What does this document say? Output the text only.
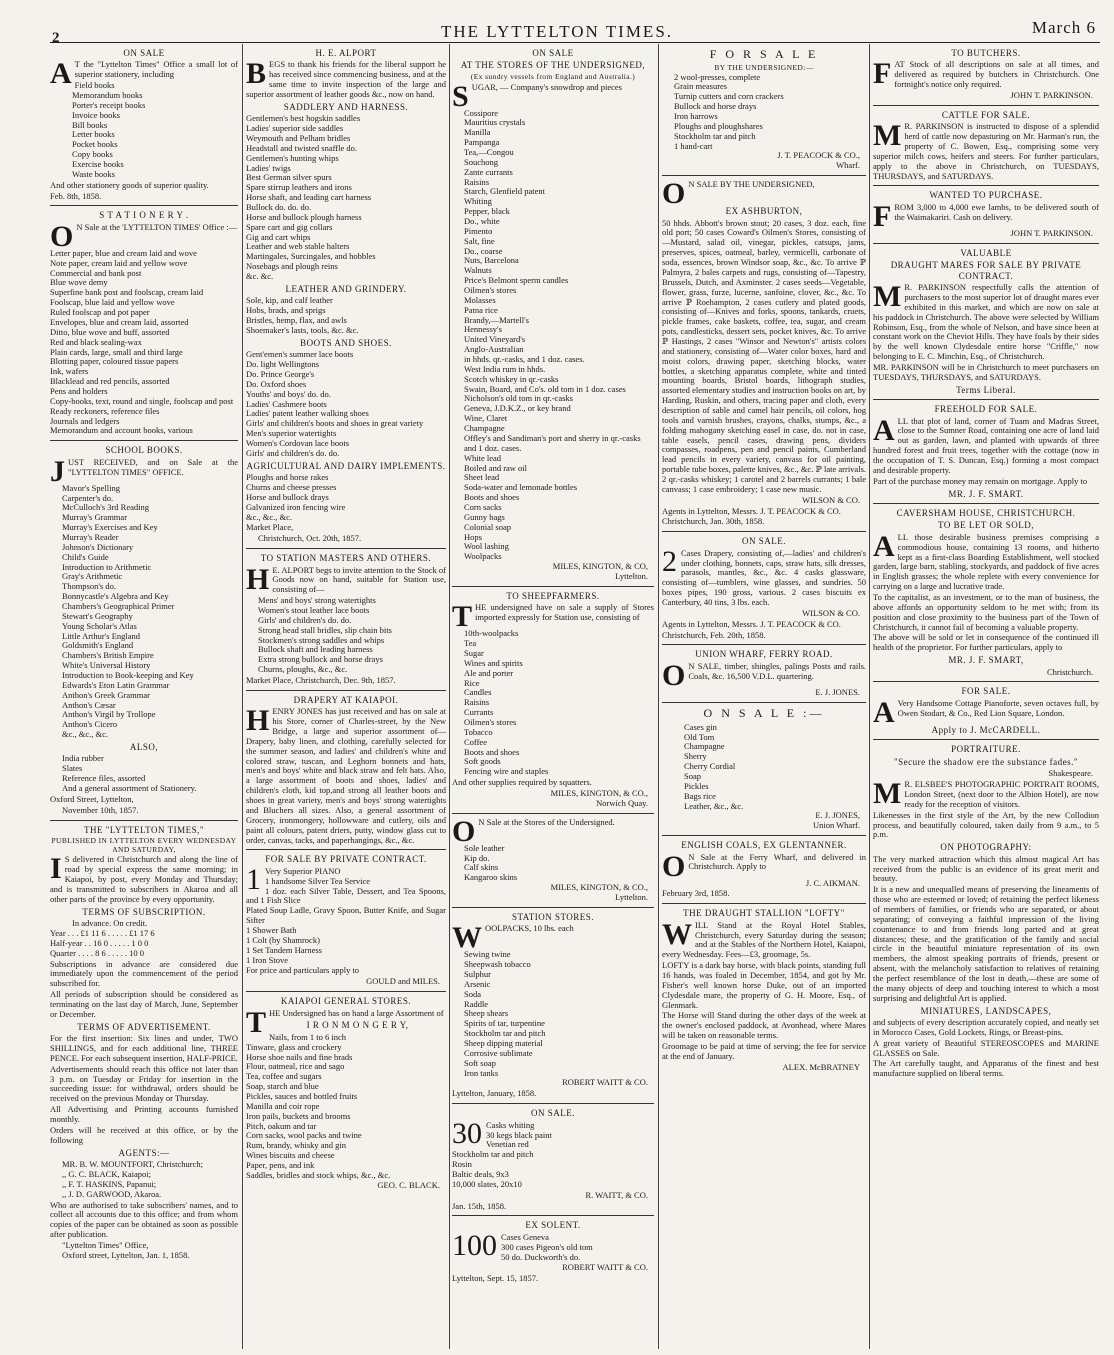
2	THE LYTTELTON TIMES.	March 6
ON SALE
A T the "Lyttelton Times" Office a small lot of superior stationery, including
Field books
Memorandum books
Porter's receipt books
Invoice books
Bill books
Letter books
Pocket books
Copy books
Exercise books
Waste books
And other stationery goods of superior quality.
Feb. 8th, 1858.
S T A T I O N E R Y .
O N Sale at the 'LYTTELTON TIMES' Office :—
Letter paper, blue and cream laid and wove
Note paper, cream laid and yellow wove
Commercial and bank post
Blue wove demy
Superfine bank post and foolscap, cream laid
Foolscap, blue laid and yellow wove
Ruled foolscap and pot paper
Envelopes, blue and cream laid, assorted
Ditto, blue wove and buff, assorted
Red and black sealing-wax
Plain cards, large, small and third large
Blotting paper, coloured tissue papers
Ink, wafers
Blacklead and red pencils, assorted
Pens and holders
Copy-books, text, round and single, foolscap and post
Ready reckoners, reference files
Journals and ledgers
Memorandum and account books, various
SCHOOL BOOKS.
JUST RECEIVED, and on Sale at the "LYTTELTON TIMES" OFFICE.
Mavor's Spelling
Carpenter's do.
McCulloch's 3rd Reading
Murray's Grammar
Murray's Exercises and Key
Murray's Reader
Johnson's Dictionary
Child's Guide
Introduction to Arithmetic
Gray's Arithmetic
Thompson's do.
Bonnycastle's Algebra and Key
Chambers's Geographical Primer
Stewart's Geography
Young Scholar's Atlas
Little Arthur's England
Goldsmith's England
Chambers's British Empire
White's Universal History
Introduction to Book-keeping and Key
Edwards's Eton Latin Grammar
Anthon's Greek Grammar
Anthon's Cæsar
Anthon's Virgil by Trollope
Anthon's Cicero
&c., &c., &c.
ALSO,
India rubber
Slates
Reference files, assorted
And a general assortment of Stationery.
Oxford Street, Lyttelton,
November 10th, 1857.
THE "LYTTELTON TIMES,"
PUBLISHED IN LYTTELTON EVERY WEDNESDAY AND SATURDAY,
I S delivered in Christchurch and along the line of road by special express the same morning; in Kaiapoi, by post, every Monday and Thursday; and is transmitted to subscribers in Akaroa and all other parts of the province by every opportunity.
TERMS OF SUBSCRIPTION.
In advance. On credit.
Year . . . £1 11 6 . . . . . £1 17 6
Half-year . . 16 0 . . . . . 1 0 0
Quarter . . . . 8 6 . . . . . 10 0
Subscriptions in advance are considered due immediately upon the commencement of the period subscribed for.
All periods of subscription should be considered as terminating on the last day of March, June, September or December.
TERMS OF ADVERTISEMENT.
For the first insertion: Six lines and under, TWO SHILLINGS, and for each additional line, THREE PENCE. For each subsequent insertion, HALF-PRICE.
Advertisements should reach this office not later than 3 p.m. on Tuesday or Friday for insertion in the succeeding issue: for withdrawal, orders should be received on the previous Monday or Thursday.
All Advertising and Printing accounts furnished monthly.
Orders will be received at this office, or by the following
AGENTS:—
MR. B. W. MOUNTFORT, Christchurch;
,, G. C. BLACK, Kaiapoi;
,, F. T. HASKINS, Papanui;
,, J. D. GARWOOD, Akaroa.
Who are authorised to take subscribers' names, and to collect all accounts due to this office; and from whom copies of the paper can be obtained as soon as possible after publication.
"Lyttelton Times" Office,
Oxford street, Lyttelton, Jan. 1, 1858.
H. E. ALPORT
BEGS to thank his friends for the liberal support he has received since commencing business, and at the same time to invite inspection of the large and superior assortment of leather goods &c., now on hand.
SADDLERY AND HARNESS.
Gentlemen's best hogskin saddles
Ladies' superior side saddles
Weymouth and Pelham bridles
Headstall and twisted snaffle do.
Gentlemen's hunting whips
Ladies' twigs
Best German silver spurs
Spare stirrup leathers and irons
Horse shaft, and leading cart harness
Bullock do. do. do.
Horse and bullock plough harness
Spare cart and gig collars
Gig and cart whips
Leather and web stable halters
Martingales, Surcingales, and hobbles
Nosebags and plough reins
&c. &c.
LEATHER AND GRINDERY.
Sole, kip, and calf leather
Hobs, brads, and sprigs
Bristles, hemp, flax, and awls
Shoemaker's lasts, tools, &c. &c.
BOOTS AND SHOES.
Gent'emen's summer lace boots
Do. light Wellingtons
Do. Prince George's
Do. Oxford shoes
Youths' and boys' do. do.
Ladies' Cashmere boots
Ladies' patent leather walking shoes
Girls' and children's boots and shoes in great variety
Men's superior watertights
Women's Cordovan lace boots
Girls' and children's do. do.
AGRICULTURAL AND DAIRY IMPLEMENTS.
Ploughs and horse rakes
Churns and cheese presses
Horse and bullock drays
Galvanized iron fencing wire
&c., &c., &c.
Market Place,
Christchurch, Oct. 20th, 1857.
TO STATION MASTERS AND OTHERS.
H E. ALPORT begs to invite attention to the Stock of Goods now on hand, suitable for Station use, consisting of—
Mens' and boys' strong watertights
Women's stout leather lace boots
Girls' and children's do. do.
Strong head stall bridles, slip chain bits
Stockmen's strong saddles and whips
Bullock shaft and leading harness
Extra strong bullock and horse drays
Churns, ploughs, &c., &c.
Market Place, Christchurch, Dec. 9th, 1857.
DRAPERY AT KAIAPOI.
HENRY JONES has just received and has on sale at his Store, corner of Charles-street, by the New Bridge, a large and superior assortment of— Drapery, baby linen, and clothing, carefully selected for the summer season, and ladies' and children's white and colored straw, tuscan, and Leghorn bonnets and hats, men's and boys' white and black straw and felt hats. Also, a large assortment of boots and shoes, ladies' and children's cloth, kid top,and strong all leather boots and shoes in great variety, men's and boys' strong watertights and Bluchers all sizes. Also, a general assortment of Grocery, ironmongery, hollowware and cutlery, oils and paint all colours, patent driers, putty, window glass cut to order, canvas, tacks, and paperhangings, &c., &c.
FOR SALE BY PRIVATE CONTRACT.
1 Very Superior PIANO
1 handsome Silver Tea Service
1 doz. each Silver Table, Dessert, and Tea Spoons, and 1 Fish Slice
Plated Soup Ladle, Gravy Spoon, Butter Knife, and Sugar Sifter
1 Shower Bath
1 Colt (by Shamrock)
1 Set Tandem Harness
1 Iron Stove
For price and particulars apply to
GOULD and MILES.
KAIAPOI GENERAL STORES.
THE Undersigned has on hand a large Assortment of
I R O N M O N G E R Y,
Nails, from 1 to 6 inch
Tinware, glass and crockery
Horse shoe nails and fine brads
Flour, oatmeal, rice and sago
Tea, coffee and sugars
Soap, starch and blue
Pickles, sauces and bottled fruits
Manilla and coir rope
Iron pails, buckets and brooms
Pitch, oakum and tar
Corn sacks, wool packs and twine
Rum, brandy, whisky and gin
Wines biscuits and cheese
Paper, pens, and ink
Saddles, bridles and stock whips, &c., &c.
GEO. C. BLACK.
ON SALE
AT THE STORES OF THE UNDERSIGNED,
(Ex sundry vessels from England and Australia.)
SUGAR, — Company's snowdrop and pieces
Cossipore
Mauritius crystals
Manilla
Pampanga
Tea,—Congou
Souchong
Zante currants
Raisins
Starch, Glenfield patent
Whiting
Pepper, black
Do., white
Pimento
Salt, fine
Do., coarse
Nuts, Barcelona
Walnuts
Price's Belmont sperm candles
Oilmen's stores
Molasses
Patna rice
Brandy,—Martell's
Hennessy's
United Vineyard's
Anglo-Australian
in hhds. qr.-casks, and 1 doz. cases.
West India rum in hhds.
Scotch whiskey in qr.-casks
Swain, Board, and Co's. old tom in 1 doz. cases
Nicholson's old tom in qr.-casks
Geneva, J.D.K.Z., or key brand
Wine, Claret
Champagne
Offley's and Sandiman's port and sherry in qr.-casks and 1 doz. cases.
White lead
Boiled and raw oil
Sheet lead
Soda-water and lemonade bottles
Boots and shoes
Corn sacks
Gunny bags
Colonial soap
Hops
Wool lashing
Woolpacks
MILES, KINGTON, & CO,
Lyttelton.
TO SHEEPFARMERS.
THE undersigned have on sale a supply of Stores imported expressly for Station use, consisting of
10th-woolpacks
Tea
Sugar
Wines and spirits
Ale and porter
Rice
Candles
Raisins
Currants
Oilmen's stores
Tobacco
Coffee
Boots and shoes
Soft goods
Fencing wire and staples
And other supplies required by squatters.
MILES, KINGTON, & CO.,
Norwich Quay.
O N Sale at the Stores of the Undersigned.
Sole leather
Kip do.
Calf skins
Kangaroo skins
MILES, KINGTON, & CO.,
Lyttelton.
STATION STORES.
WOOLPACKS, 10 lbs. each
Sewing twine
Sheepwash tobacco
Sulphur
Arsenic
Soda
Raddle
Sheep shears
Spirits of tar, turpentine
Stockholm tar and pitch
Sheep dipping material
Corrosive sublimate
Soft soap
Iron tanks
ROBERT WAITT & CO.
Lyttelton, January, 1858.
ON SALE.
30 Casks whiting
30 kegs black paint
Venetian red
Stockholm tar and pitch
Rosin
Baltic deals, 9x3
10,000 slates, 20x10
R. WAITT, & CO.
Jan. 15th, 1858.
EX SOLENT.
100 Cases Geneva
300 cases Pigeon's old tom
50 do. Duckworth's do.
ROBERT WAITT & CO.
Lyttelton, Sept. 15, 1857.
F O R S A L E
BY THE UNDERSIGNED:—
2 wool-presses, complete
Grain measures
Turnip cutters and corn crackers
Bullock and horse drays
Iron harrows
Ploughs and ploughshares
Stockholm tar and pitch
1 hand-cart
J. T. PEACOCK & CO.,
Wharf.
O N SALE BY THE UNDERSIGNED,
EX ASHBURTON,
50 hhds. Abbott's brown stout; 20 cases, 3 doz. each, fine old port; 50 cases Coward's Oilmen's Stores, consisting of—Mustard, salad oil, vinegar, pickles, catsups, jams, preserves, spices, oatmeal, barley, vermicelli, carbonate of soda, essences, brown Windsor soap, &c., &c. To arrive ℙ Palmyra, 2 bales carpets and rugs, consisting of—Tapestry, Brussels, Dutch, and Axminster. 2 cases seeds—Vegetable, flower, grass, furze, lucerne, sanfoine, clover, &c., &c. To arrive ℙ Roehampton, 2 cases cutlery and plated goods, consisting of—Knives and forks, spoons, tankards, cruets, pickle frames, cake baskets, coffee, tea, sugar, and cream pots, candlesticks, dessert sets, pocket knives, &c. To arrive ℙ Hastings, 2 cases "Winsor and Newton's" artists colors and stationery, consisting of—Water color boxes, hard and moist colors, drawing paper, sketching blocks, water bottles, a sketching apparatus complete, white and tinted mounting boards, Bristol boards, lithograph studies, assorted elementary studies and instruction books on art, by Harding, Ruskin, and others, tracing paper and cloth, every description of sable and camel hair pencils, oil colors, hog tools and varnish brushes, crayons, chalks, stumps, &c., a folding mahogany sketching easel in case, do. not in case, table easels, pencil cases, drawing pens, dividers compasses, roadpens, pen and pencil paints, Cumberland lead pencils in every variety, canvass for oil painting, portable tube boxes, palette knives, &c., &c. ℙ late arrivals. 2 qr.-casks whiskey; 1 carotel and 2 barrels currants; 1 bale canvass; 1 case embroidery; 1 case new music.
WILSON & CO.
Agents in Lyttelton, Messrs. J. T. PEACOCK & CO.
Christchurch, Jan. 30th, 1858.
ON SALE.
2 Cases Drapery, consisting of,—ladies' and children's under clothing, bonnets, caps, straw hats, silk dresses, parasols, mantles, &c., &c. 4 casks glassware, consisting of—tumblers, wine glasses, and sundries. 50 boxes pipes, 190 gross, various. 2 cases biscuits ex Canterbury, 40 tins, 3 lbs. each.
WILSON & CO.
Agents in Lyttelton, Messrs. J. T. PEACOCK & CO.
Christchurch, Feb. 20th, 1858.
UNION WHARF, FERRY ROAD.
O N SALE, timber, shingles, palings Posts and rails. Coals, &c. 16,500 V.D.L. quartering.
E. J. JONES.
O N S A L E :—
Cases gin
Old Tom
Champagne
Sherry
Cherry Cordial
Soap
Pickles
Bags rice
Leather, &c., &c.
E. J. JONES,
Union Wharf.
ENGLISH COALS, EX GLENTANNER.
O N Sale at the Ferry Wharf, and delivered in Christchurch. Apply to
J. C. AIKMAN.
February 3rd, 1858.
THE DRAUGHT STALLION "LOFTY"
WILL Stand at the Royal Hotel Stables, Christchurch, every Saturday during the season; and at the Stables of the Northern Hotel, Kaiapoi, every Wednesday. Fees—£3, groomage, 5s.
LOFTY is a dark bay horse, with black points, standing full 16 hands, was foaled in December, 1854, and got by Mr. Fisher's well known horse Duke, out of an imported Clydesdale mare, the property of G. H. Moore, Esq., of Glenmark.
The Horse will Stand during the other days of the week at the owner's enclosed paddock, at Avonhead, where Mares will be taken on reasonable terms.
Groomage to be paid at time of serving; the fee for service at the end of January.
ALEX. McBRATNEY
TO BUTCHERS.
FAT Stock of all descriptions on sale at all times, and delivered as required by butchers in Christchurch. One fortnight's notice only required.
JOHN T. PARKINSON.
CATTLE FOR SALE.
M R. PARKINSON is instructed to dispose of a splendid herd of cattle now depasturing on Mr. Harman's run, the property of C. Bowen, Esq., comprising some very superior milch cows, heifers and steers. For further particulars, apply to the above in Christchurch, on TUESDAYS, THURSDAYS, and SATURDAYS.
WANTED TO PURCHASE.
FROM 3,000 to 4,000 ewe lambs, to be delivered south of the Waimakariri. Cash on delivery.
JOHN T. PARKINSON.
VALUABLE
DRAUGHT MARES FOR SALE BY PRIVATE CONTRACT.
M R. PARKINSON respectfully calls the attention of purchasers to the most superior lot of draught mares ever exhibited in this market, and which are now on sale at his paddock in Christchurch. The above were selected by William Robinson, Esq., from the whole of Nelson, and have since been at constant work on the Cheviot Hills. They have foals by their sides by the well known Clydesdale entire horse "Criffle," now belonging to E. C. Minchin, Esq., of Christchurch.
MR. PARKINSON will be in Christchurch to meet purchasers on TUESDAYS, THURSDAYS, and SATURDAYS.
Terms Liberal.
FREEHOLD FOR SALE.
ALL that plot of land, corner of Tuam and Madras Street, close to the Sumner Road, containing one acre of land laid out as garden, lawn, and planted with upwards of three hundred forest and fruit trees, together with the cottage (now in the occupation of T. S. Duncan, Esq.) forming a most compact and desirable property.
Part of the purchase money may remain on mortgage. Apply to
MR. J. F. SMART.
CAVERSHAM HOUSE, CHRISTCHURCH.
TO BE LET OR SOLD,
ALL those desirable business premises comprising a commodious house, containing 13 rooms, and hitherto kept as a first-class Boarding Establishment, well stocked garden, large barn, stabling, stockyards, and paddock of five acres in English grasses; the whole replete with every convenience for carrying on a large and lucrative trade.
To the capitalist, as an investment, or to the man of business, the above affords an opportunity seldom to be met with; from its position and close proximity to the business part of the Town of Christchurch, it cannot fail of becoming a valuable property.
The above will be sold or let in consequence of the continued ill health of the proprietor. For further particulars, apply to
MR. J. F. SMART,
Christchurch.
FOR SALE.
A Very Handsome Cottage Pianoforte, seven octaves full, by Owen Stodart, & Co., Red Lion Square, London.
Apply to J. McCARDELL.
PORTRAITURE.
"Secure the shadow ere the substance fades."
Shakespeare.
M R. ELSBEE'S PHOTOGRAPHIC PORTRAIT ROOMS, London Street, (next door to the Albion Hotel), are now ready for the reception of visitors.
Likenesses in the first style of the Art, by the new Collodion process, and beautifully coloured, taken daily from 9 a.m., to 5 p.m.
ON PHOTOGRAPHY:
The very marked attraction which this almost magical Art has received from the public is an evidence of its great merit and beauty.
It is a new and unequalled means of preserving the lineaments of those who are esteemed or loved; of retaining the perfect likeness of members of families, or friends who are separated, or about separating; of conveying a faithful impression of the living countenance to and from friends long parted and at great distances; these, and the gratification of the family and social circle in the beautiful miniature representation of its own members, the almost speaking portraits of friends, present or absent, with the melancholy satisfaction to relatives of retaining the perfect resemblance of the lost in death,—these are some of the many objects of deep and touching interest to which a most surprising and delightful Art is applied.
MINIATURES, LANDSCAPES,
and subjects of every description accurately copied, and neatly set in Morocco Cases, Gold Lockets, Rings, or Breast-pins.
A great variety of Beautiful STEREOSCOPES and MARINE GLASSES on Sale.
The Art carefully taught, and Apparatus of the finest and best manufacture supplied on liberal terms.
